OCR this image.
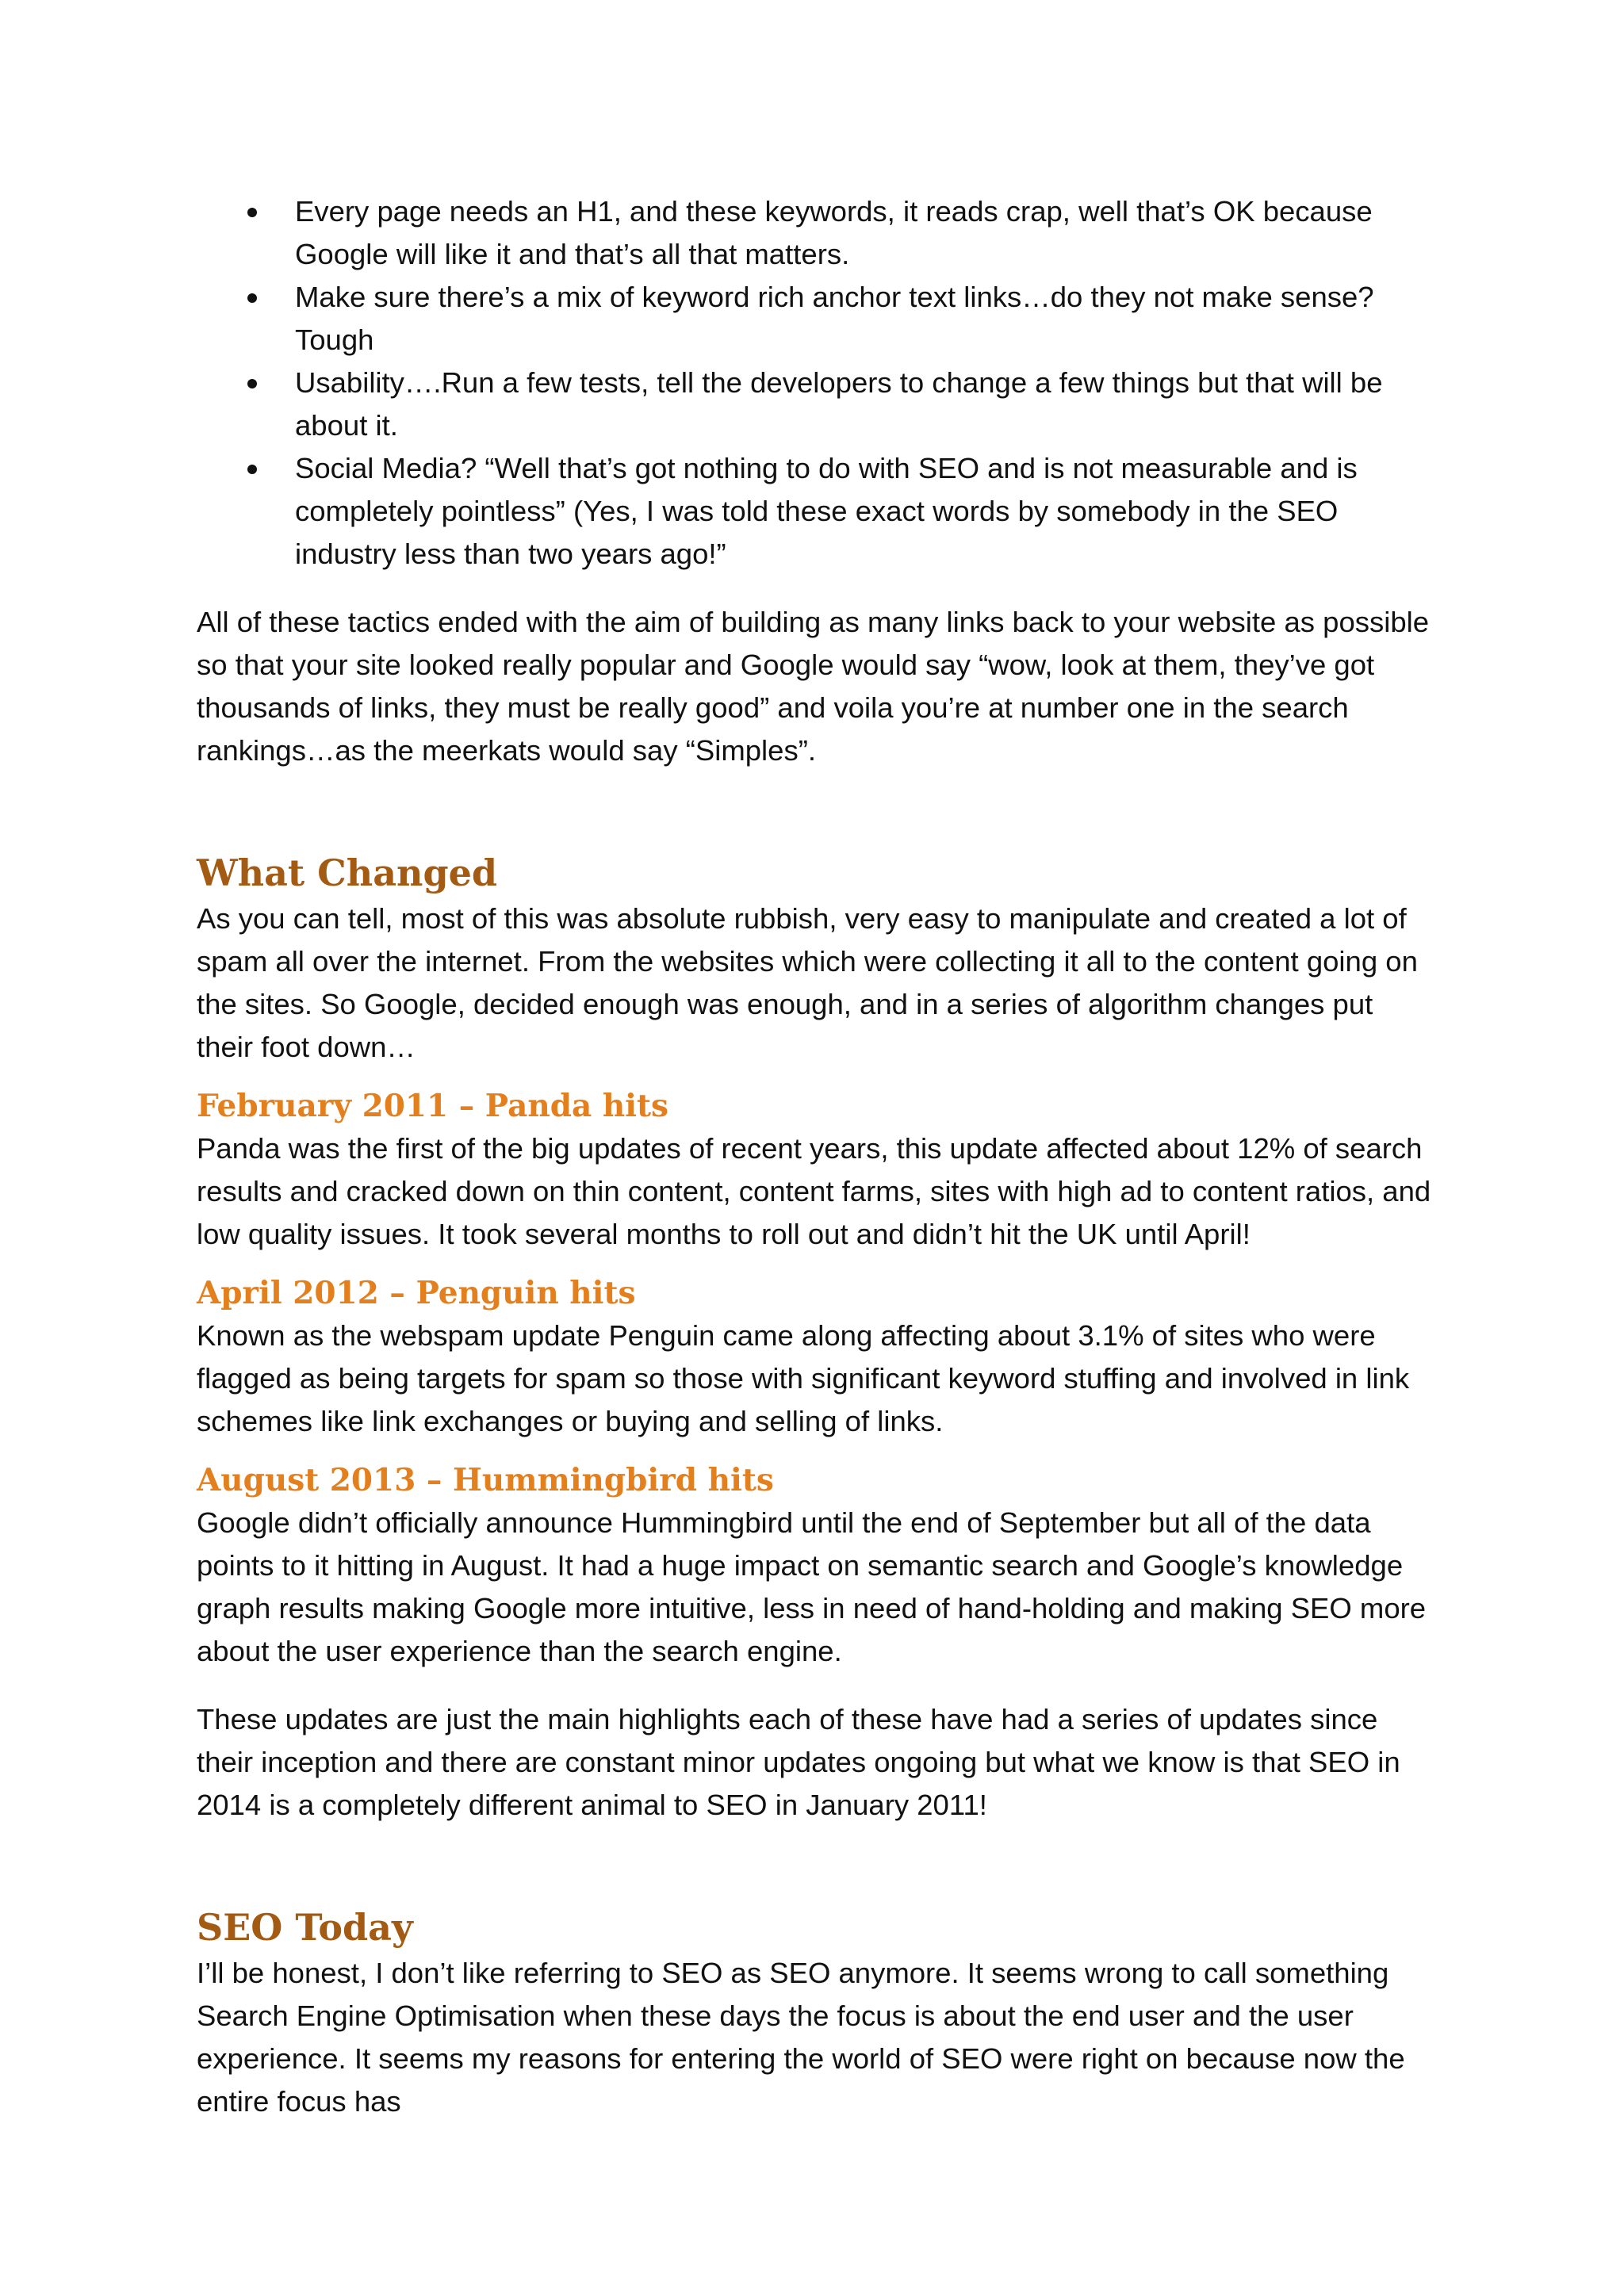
Every page needs an H1, and these keywords, it reads crap, well that’s OK because Google will like it and that’s all that matters.
Make sure there’s a mix of keyword rich anchor text links…do they not make sense? Tough
Usability….Run a few tests, tell the developers to change a few things but that will be about it.
Social Media? “Well that’s got nothing to do with SEO and is not measurable and is completely pointless” (Yes, I was told these exact words by somebody in the SEO industry less than two years ago!”

All of these tactics ended with the aim of building as many links back to your website as possible so that your site looked really popular and Google would say “wow, look at them, they’ve got thousands of links, they must be really good” and voila you’re at number one in the search rankings…as the meerkats would say “Simples”.

What Changed

As you can tell, most of this was absolute rubbish, very easy to manipulate and created a lot of spam all over the internet. From the websites which were collecting it all to the content going on the sites. So Google, decided enough was enough, and in a series of algorithm changes put their foot down…

February 2011 – Panda hits

Panda was the first of the big updates of recent years, this update affected about 12% of search results and cracked down on thin content, content farms, sites with high ad to content ratios, and low quality issues. It took several months to roll out and didn’t hit the UK until April!

April 2012 – Penguin hits

Known as the webspam update Penguin came along affecting about 3.1% of sites who were flagged as being targets for spam so those with significant keyword stuffing and involved in link schemes like link exchanges or buying and selling of links.

August 2013 – Hummingbird hits

Google didn’t officially announce Hummingbird until the end of September but all of the data points to it hitting in August. It had a huge impact on semantic search and Google’s knowledge graph results making Google more intuitive, less in need of hand-holding and making SEO more about the user experience than the search engine.

These updates are just the main highlights each of these have had a series of updates since their inception and there are constant minor updates ongoing but what we know is that SEO in 2014 is a completely different animal to SEO in January 2011!

SEO Today

I’ll be honest, I don’t like referring to SEO as SEO anymore. It seems wrong to call something Search Engine Optimisation when these days the focus is about the end user and the user experience. It seems my reasons for entering the world of SEO were right on because now the entire focus has
